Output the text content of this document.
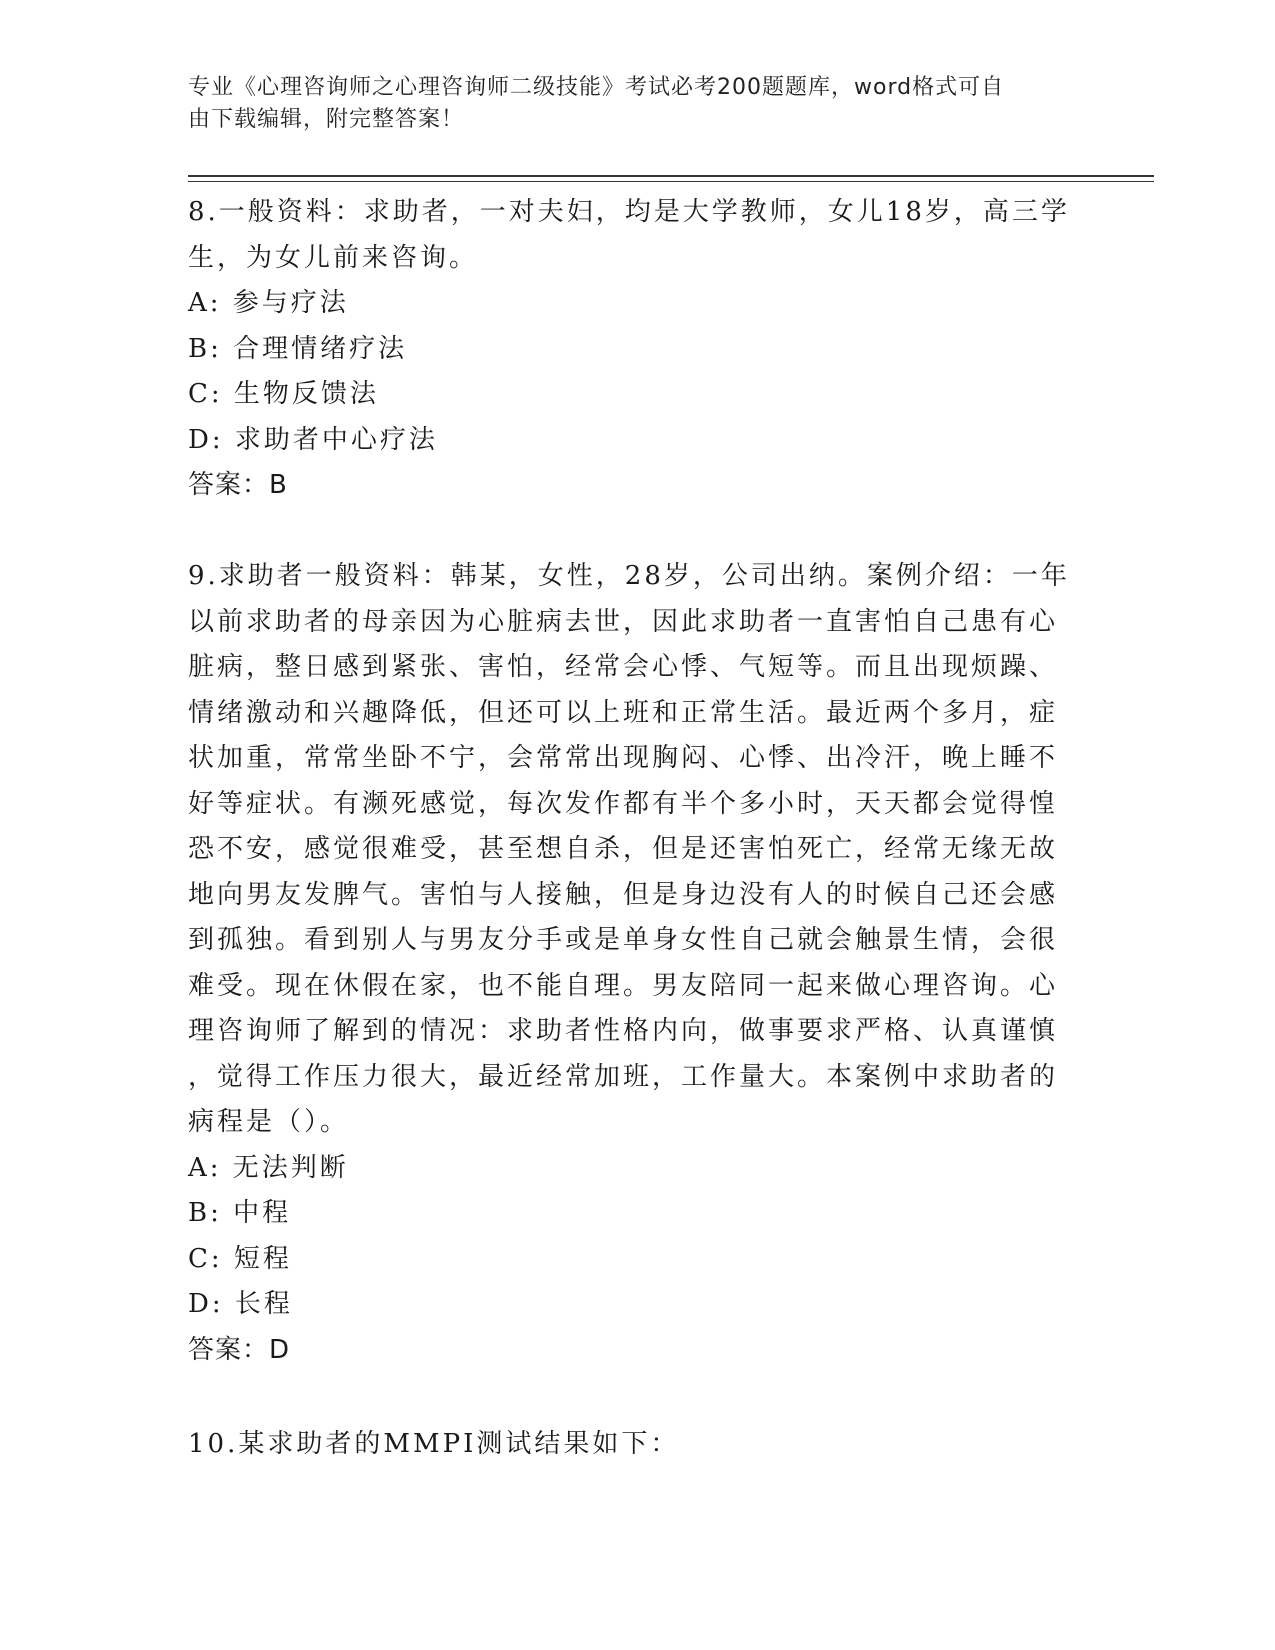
专业《心理咨询师之心理咨询师二级技能》考试必考200题题库，word格式可自
由下载编辑，附完整答案！
8.一般资料：求助者，一对夫妇，均是大学教师，女儿18岁，高三学
生，为女儿前来咨询。
A: 参与疗法
B: 合理情绪疗法
C: 生物反馈法
D: 求助者中心疗法
答案：B
9.求助者一般资料：韩某，女性，28岁，公司出纳。案例介绍：一年
以前求助者的母亲因为心脏病去世，因此求助者一直害怕自己患有心
脏病，整日感到紧张、害怕，经常会心悸、气短等。而且出现烦躁、
情绪激动和兴趣降低，但还可以上班和正常生活。最近两个多月，症
状加重，常常坐卧不宁，会常常出现胸闷、心悸、出冷汗，晚上睡不
好等症状。有濒死感觉，每次发作都有半个多小时，天天都会觉得惶
恐不安，感觉很难受，甚至想自杀，但是还害怕死亡，经常无缘无故
地向男友发脾气。害怕与人接触，但是身边没有人的时候自己还会感
到孤独。看到别人与男友分手或是单身女性自己就会触景生情，会很
难受。现在休假在家，也不能自理。男友陪同一起来做心理咨询。心
理咨询师了解到的情况：求助者性格内向，做事要求严格、认真谨慎
，觉得工作压力很大，最近经常加班，工作量大。本案例中求助者的
病程是（）。
A: 无法判断
B: 中程
C: 短程
D: 长程
答案：D
10.某求助者的MMPI测试结果如下：
